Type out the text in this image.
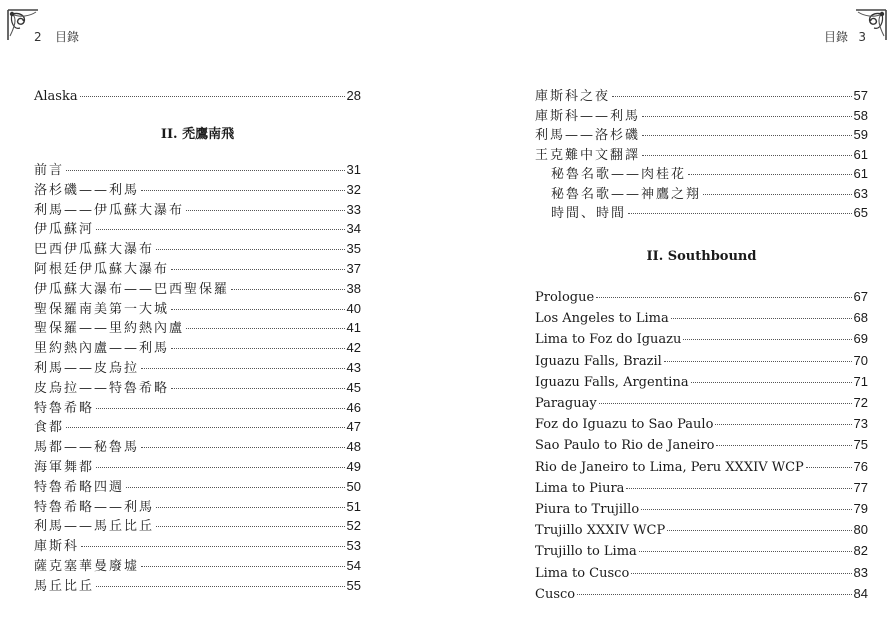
2 目錄
Alaska	28
II. 禿鷹南飛
前言	31
洛杉磯——利馬	32
利馬——伊瓜蘇大瀑布	33
伊瓜蘇河	34
巴西伊瓜蘇大瀑布	35
阿根廷伊瓜蘇大瀑布	37
伊瓜蘇大瀑布——巴西聖保羅	38
聖保羅南美第一大城	40
聖保羅——里約熱內盧	41
里約熱內盧——利馬	42
利馬——皮烏拉	43
皮烏拉——特魯希略	45
特魯希略	46
食都	47
馬都——秘魯馬	48
海軍舞都	49
特魯希略四週	50
特魯希略——利馬	51
利馬——馬丘比丘	52
庫斯科	53
薩克塞華曼廢墟	54
馬丘比丘	55
目錄 3
庫斯科之夜	57
庫斯科——利馬	58
利馬——洛杉磯	59
王克難中文翻譯	61
秘魯名歌——肉桂花	61
秘魯名歌——神鷹之翔	63
時間、時間	65
II. Southbound
Prologue	67
Los Angeles to Lima	68
Lima to Foz do Iguazu	69
Iguazu Falls, Brazil	70
Iguazu Falls, Argentina	71
Paraguay	72
Foz do Iguazu to Sao Paulo	73
Sao Paulo to Rio de Janeiro	75
Rio de Janeiro to Lima, Peru XXXIV WCP	76
Lima to Piura	77
Piura to Trujillo	79
Trujillo XXXIV WCP	80
Trujillo to Lima	82
Lima to Cusco	83
Cusco	84
